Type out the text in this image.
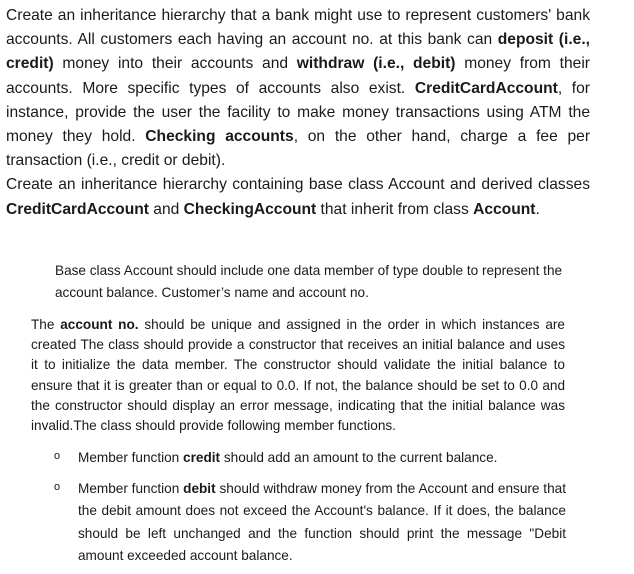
Create an inheritance hierarchy that a bank might use to represent customers' bank accounts. All customers each having an account no. at this bank can deposit (i.e., credit) money into their accounts and withdraw (i.e., debit) money from their accounts. More specific types of accounts also exist. CreditCardAccount, for instance, provide the user the facility to make money transactions using ATM the money they hold. Checking accounts, on the other hand, charge a fee per transaction (i.e., credit or debit).

Create an inheritance hierarchy containing base class Account and derived classes CreditCardAccount and CheckingAccount that inherit from class Account.

Base class Account should include one data member of type double to represent the account balance. Customer’s name and account no.

The account no. should be unique and assigned in the order in which instances are created The class should provide a constructor that receives an initial balance and uses it to initialize the data member. The constructor should validate the initial balance to ensure that it is greater than or equal to 0.0. If not, the balance should be set to 0.0 and the constructor should display an error message, indicating that the initial balance was invalid.The class should provide following member functions.

o Member function credit should add an amount to the current balance.
o Member function debit should withdraw money from the Account and ensure that the debit amount does not exceed the Account's balance. If it does, the balance should be left unchanged and the function should print the message "Debit amount exceeded account balance.
